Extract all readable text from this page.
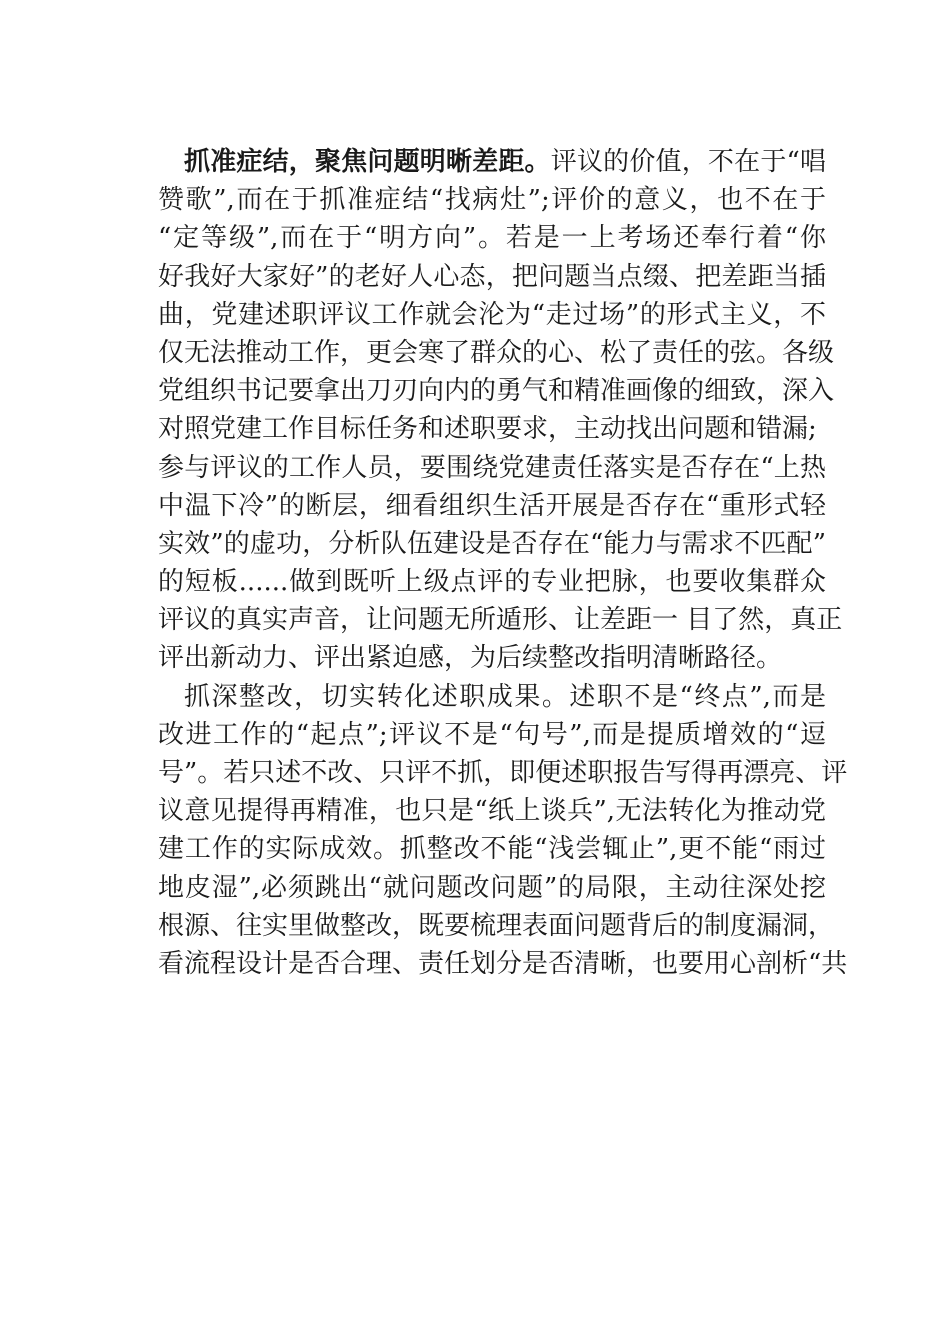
抓准症结，聚焦问题明晰差距。评议的价值，不在于“唱
赞歌”,而在于抓准症结“找病灶”;评价的意义，也不在于
“定等级”,而在于“明方向”。若是一上考场还奉行着“你
好我好大家好”的老好人心态，把问题当点缀、把差距当插
曲，党建述职评议工作就会沦为“走过场”的形式主义，不
仅无法推动工作，更会寒了群众的心、松了责任的弦。各级
党组织书记要拿出刀刃向内的勇气和精准画像的细致，深入
对照党建工作目标任务和述职要求，主动找出问题和错漏;
参与评议的工作人员，要围绕党建责任落实是否存在“上热
中温下冷”的断层，细看组织生活开展是否存在“重形式轻
实效”的虚功，分析队伍建设是否存在“能力与需求不匹配”
的短板......做到既听上级点评的专业把脉，也要收集群众
评议的真实声音，让问题无所遁形、让差距一 目了然，真正
评出新动力、评出紧迫感，为后续整改指明清晰路径。
抓深整改，切实转化述职成果。述职不是“终点”,而是
改进工作的“起点”;评议不是“句号”,而是提质增效的“逗
号”。若只述不改、只评不抓，即便述职报告写得再漂亮、评
议意见提得再精准，也只是“纸上谈兵”,无法转化为推动党
建工作的实际成效。抓整改不能“浅尝辄止”,更不能“雨过
地皮湿”,必须跳出“就问题改问题”的局限，主动往深处挖
根源、往实里做整改，既要梳理表面问题背后的制度漏洞，
看流程设计是否合理、责任划分是否清晰，也要用心剖析“共
